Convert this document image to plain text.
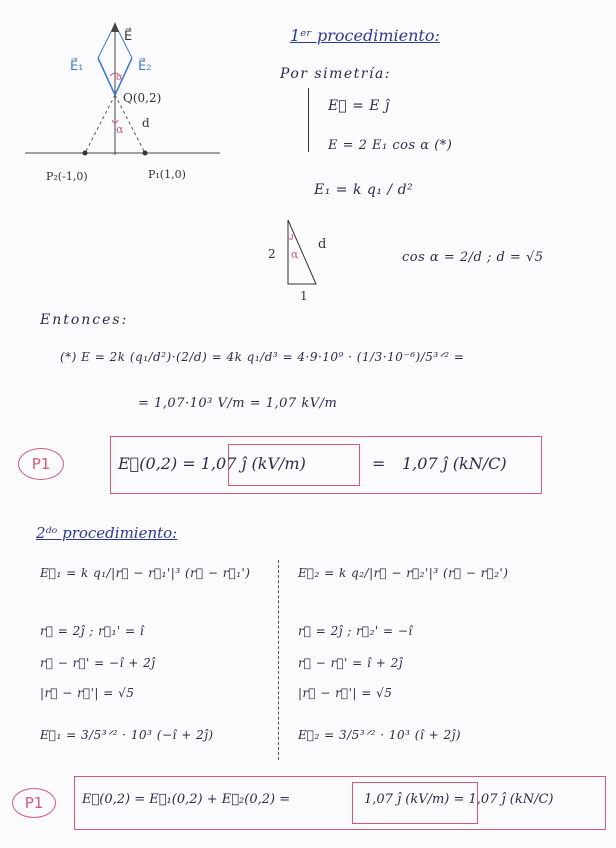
1ᵉʳ procedimiento:
E⃗
E⃗₁	E⃗₂
Q(0,2)
d
α
α
P₂(-1,0)	P₁(1,0)
Por simetría:
E⃗ = E ĵ
E = 2 E₁ cos α (*)
E₁ = k q₁ / d²
2 α
d
1
cos α = 2/d ; d = √5
Entonces:
(*) E = 2k (q₁/d²)·(2/d) = 4k q₁/d³ = 4·9·10⁹ · (1/3·10⁻⁶)/5³ᐟ² =
= 1,07·10³ V/m = 1,07 kV/m
P1	E⃗(0,2) = 1,07 ĵ (kV/m)	= 1,07 ĵ (kN/C)
2ᵈᵒ procedimiento:
E⃗₁ = k q₁/|r⃗ − r⃗₁'|³ (r⃗ − r⃗₁')
r⃗ = 2ĵ ; r⃗₁' = î
r⃗ − r⃗' = −î + 2ĵ
|r⃗ − r⃗'| = √5
E⃗₁ = 3/5³ᐟ² · 10³ (−î + 2ĵ)
E⃗₂ = k q₂/|r⃗ − r⃗₂'|³ (r⃗ − r⃗₂')
r⃗ = 2ĵ ; r⃗₂' = −î
r⃗ − r⃗' = î + 2ĵ
|r⃗ − r⃗'| = √5
E⃗₂ = 3/5³ᐟ² · 10³ (î + 2ĵ)
P1	E⃗(0,2) = E⃗₁(0,2) + E⃗₂(0,2) =	1,07 ĵ (kV/m) = 1,07 ĵ (kN/C)
